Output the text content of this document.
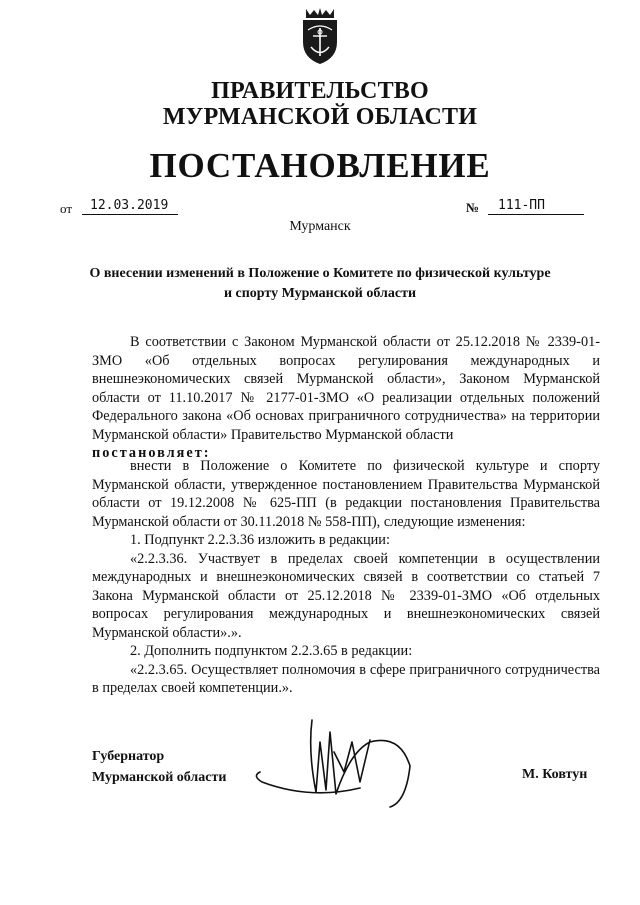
ПРАВИТЕЛЬСТВО
МУРМАНСКОЙ ОБЛАСТИ
ПОСТАНОВЛЕНИЕ
от	12.03.2019	№	111-ПП
Мурманск
О внесении изменений в Положение о Комитете по физической культуре
и спорту Мурманской области

В соответствии с Законом Мурманской области от 25.12.2018 № 2339-01-ЗМО «Об отдельных вопросах регулирования международных и внешнеэкономических связей Мурманской области», Законом Мурманской области от 11.10.2017 № 2177-01-ЗМО «О реализации отдельных положений Федерального закона «Об основах приграничного сотрудничества» на территории Мурманской области» Правительство Мурманской области

постановляет:

внести в Положение о Комитете по физической культуре и спорту Мурманской области, утвержденное постановлением Правительства Мурманской области от 19.12.2008 № 625-ПП (в редакции постановления Правительства Мурманской области от 30.11.2018 № 558-ПП), следующие изменения:

1. Подпункт 2.2.3.36 изложить в редакции:

«2.2.3.36. Участвует в пределах своей компетенции в осуществлении международных и внешнеэкономических связей в соответствии со статьей 7 Закона Мурманской области от 25.12.2018 № 2339-01-ЗМО «Об отдельных вопросах регулирования международных и внешнеэкономических связей Мурманской области».».

2. Дополнить подпунктом 2.2.3.65 в редакции:

«2.2.3.65. Осуществляет полномочия в сфере приграничного сотрудничества в пределах своей компетенции.».

Губернатор
Мурманской области	М. Ковтун
